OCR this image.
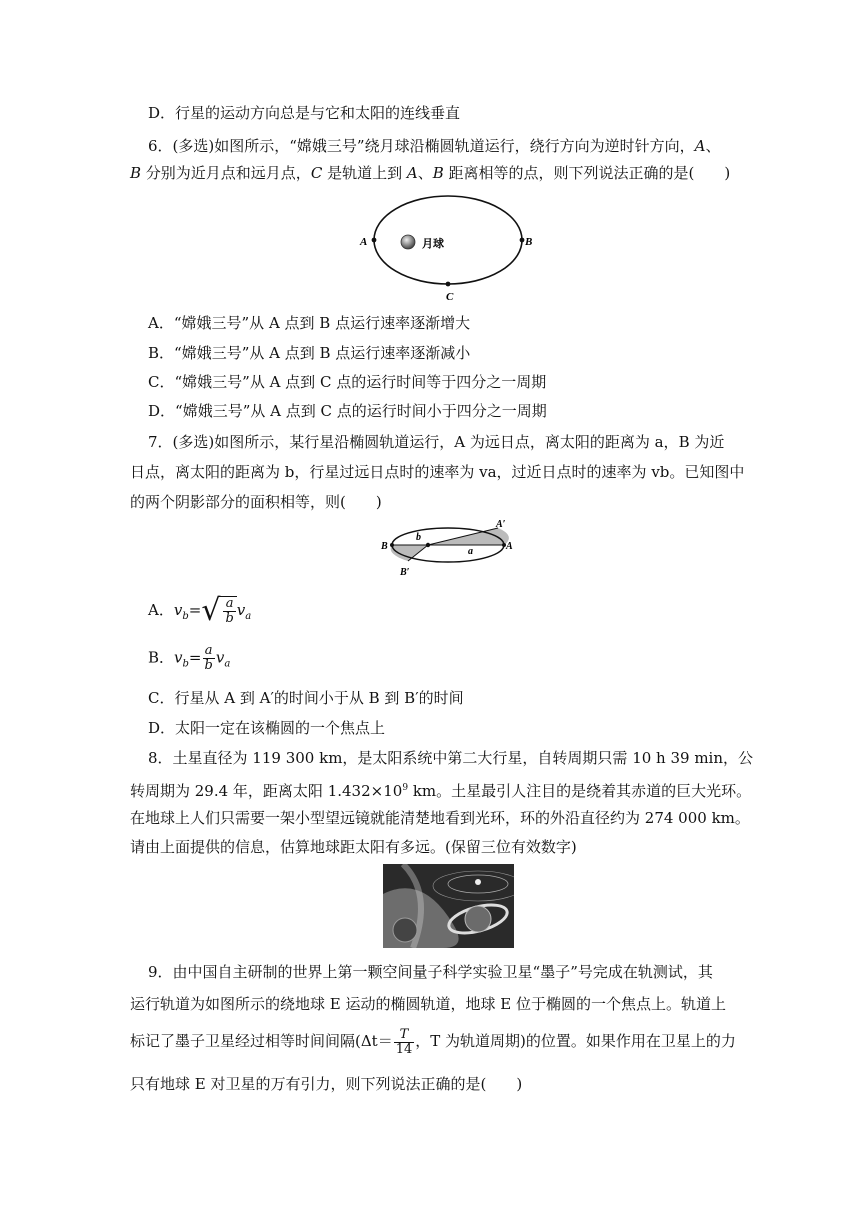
D．行星的运动方向总是与它和太阳的连线垂直
6．(多选)如图所示，“嫦娥三号”绕月球沿椭圆轨道运行，绕行方向为逆时针方向，A、
B 分别为近月点和远月点，C 是轨道上到 A、B 距离相等的点，则下列说法正确的是(　　)
A	B
C
月球
A．“嫦娥三号”从 A 点到 B 点运行速率逐渐增大
B．“嫦娥三号”从 A 点到 B 点运行速率逐渐减小
C．“嫦娥三号”从 A 点到 C 点的运行时间等于四分之一周期
D．“嫦娥三号”从 A 点到 C 点的运行时间小于四分之一周期
7．(多选)如图所示，某行星沿椭圆轨道运行，A 为远日点，离太阳的距离为 a，B 为近
日点，离太阳的距离为 b，行星过远日点时的速率为 va，过近日点时的速率为 vb。已知图中
的两个阴影部分的面积相等，则(　　)
B
b
a	A
A′
B′
A．$v_b=√ \frac{a}{b} v_a$
B．$v_b= \frac{a}{b} v_a$
C．行星从 A 到 A′的时间小于从 B 到 B′的时间
D．太阳一定在该椭圆的一个焦点上
8．土星直径为 119 300 km，是太阳系统中第二大行星，自转周期只需 10 h 39 min，公
转周期为 29.4 年，距离太阳 $1.432\times 10^9$ km。土星最引人注目的是绕着其赤道的巨大光环。
在地球上人们只需要一架小型望远镜就能清楚地看到光环，环的外沿直径约为 274 000 km。
请由上面提供的信息，估算地球距太阳有多远。(保留三位有效数字)
9．由中国自主研制的世界上第一颗空间量子科学实验卫星“墨子”号完成在轨测试，其
运行轨道为如图所示的绕地球 E 运动的椭圆轨道，地球 E 位于椭圆的一个焦点上。轨道上
标记了墨子卫星经过相等时间间隔($\Delta t= \frac{T}{14}$ ，T 为轨道周期)的位置。如果作用在卫星上的力
只有地球 E 对卫星的万有引力，则下列说法正确的是(　　)
